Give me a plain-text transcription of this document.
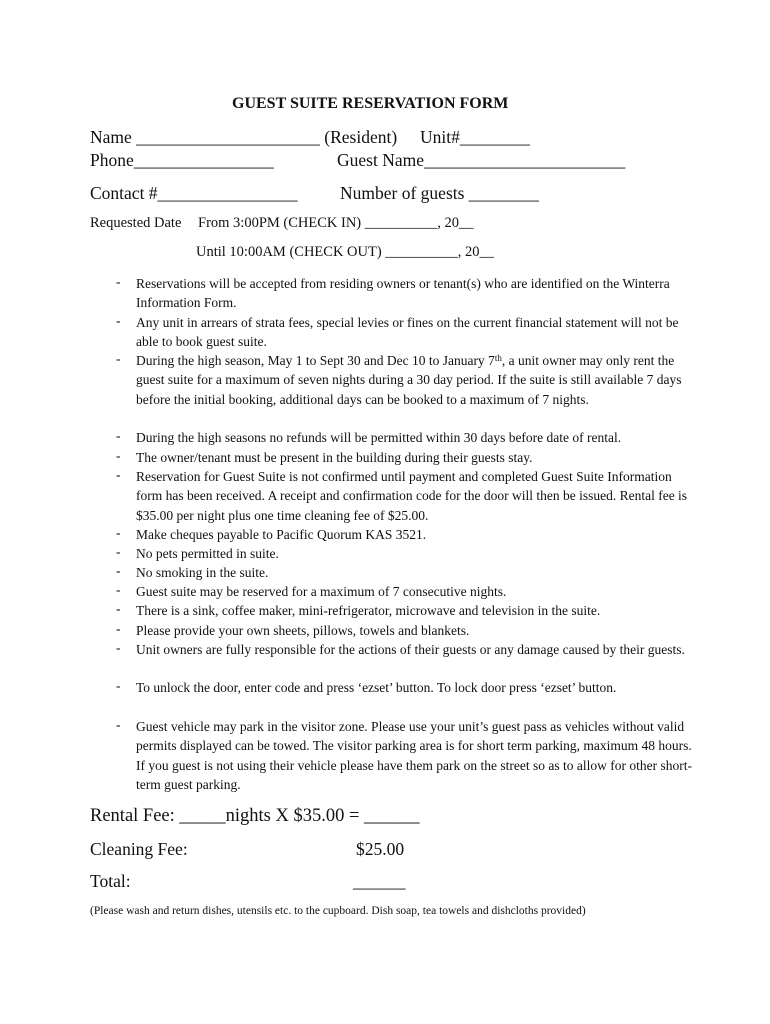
GUEST SUITE RESERVATION FORM
Name _____________________ (Resident) Unit#________
Phone________________	Guest Name_______________________
Contact #________________ Number of guests ________
Requested Date From 3:00PM (CHECK IN) __________, 20__
Until 10:00AM (CHECK OUT) __________, 20__
- Reservations will be accepted from residing owners or tenant(s) who are identified on the Winterra Information Form.
- Any unit in arrears of strata fees, special levies or fines on the current financial statement will not be able to book guest suite.
- During the high season, May 1 to Sept 30 and Dec 10 to January 7th, a unit owner may only rent the guest suite for a maximum of seven nights during a 30 day period. If the suite is still available 7 days before the initial booking, additional days can be booked to a maximum of 7 nights.
- During the high seasons no refunds will be permitted within 30 days before date of rental.
- The owner/tenant must be present in the building during their guests stay.
- Reservation for Guest Suite is not confirmed until payment and completed Guest Suite Information form has been received. A receipt and confirmation code for the door will then be issued. Rental fee is $35.00 per night plus one time cleaning fee of $25.00.
- Make cheques payable to Pacific Quorum KAS 3521.
- No pets permitted in suite.
- No smoking in the suite.
- Guest suite may be reserved for a maximum of 7 consecutive nights.
- There is a sink, coffee maker, mini-refrigerator, microwave and television in the suite.
- Please provide your own sheets, pillows, towels and blankets.
- Unit owners are fully responsible for the actions of their guests or any damage caused by their guests.
- To unlock the door, enter code and press ‘ezset’ button. To lock door press ‘ezset’ button.
- Guest vehicle may park in the visitor zone. Please use your unit’s guest pass as vehicles without valid permits displayed can be towed. The visitor parking area is for short term parking, maximum 48 hours. If you guest is not using their vehicle please have them park on the street so as to allow for other short-term guest parking.
Rental Fee: _____nights X $35.00 = ______
Cleaning Fee:	$25.00
Total:	______
(Please wash and return dishes, utensils etc. to the cupboard. Dish soap, tea towels and dishcloths provided)
